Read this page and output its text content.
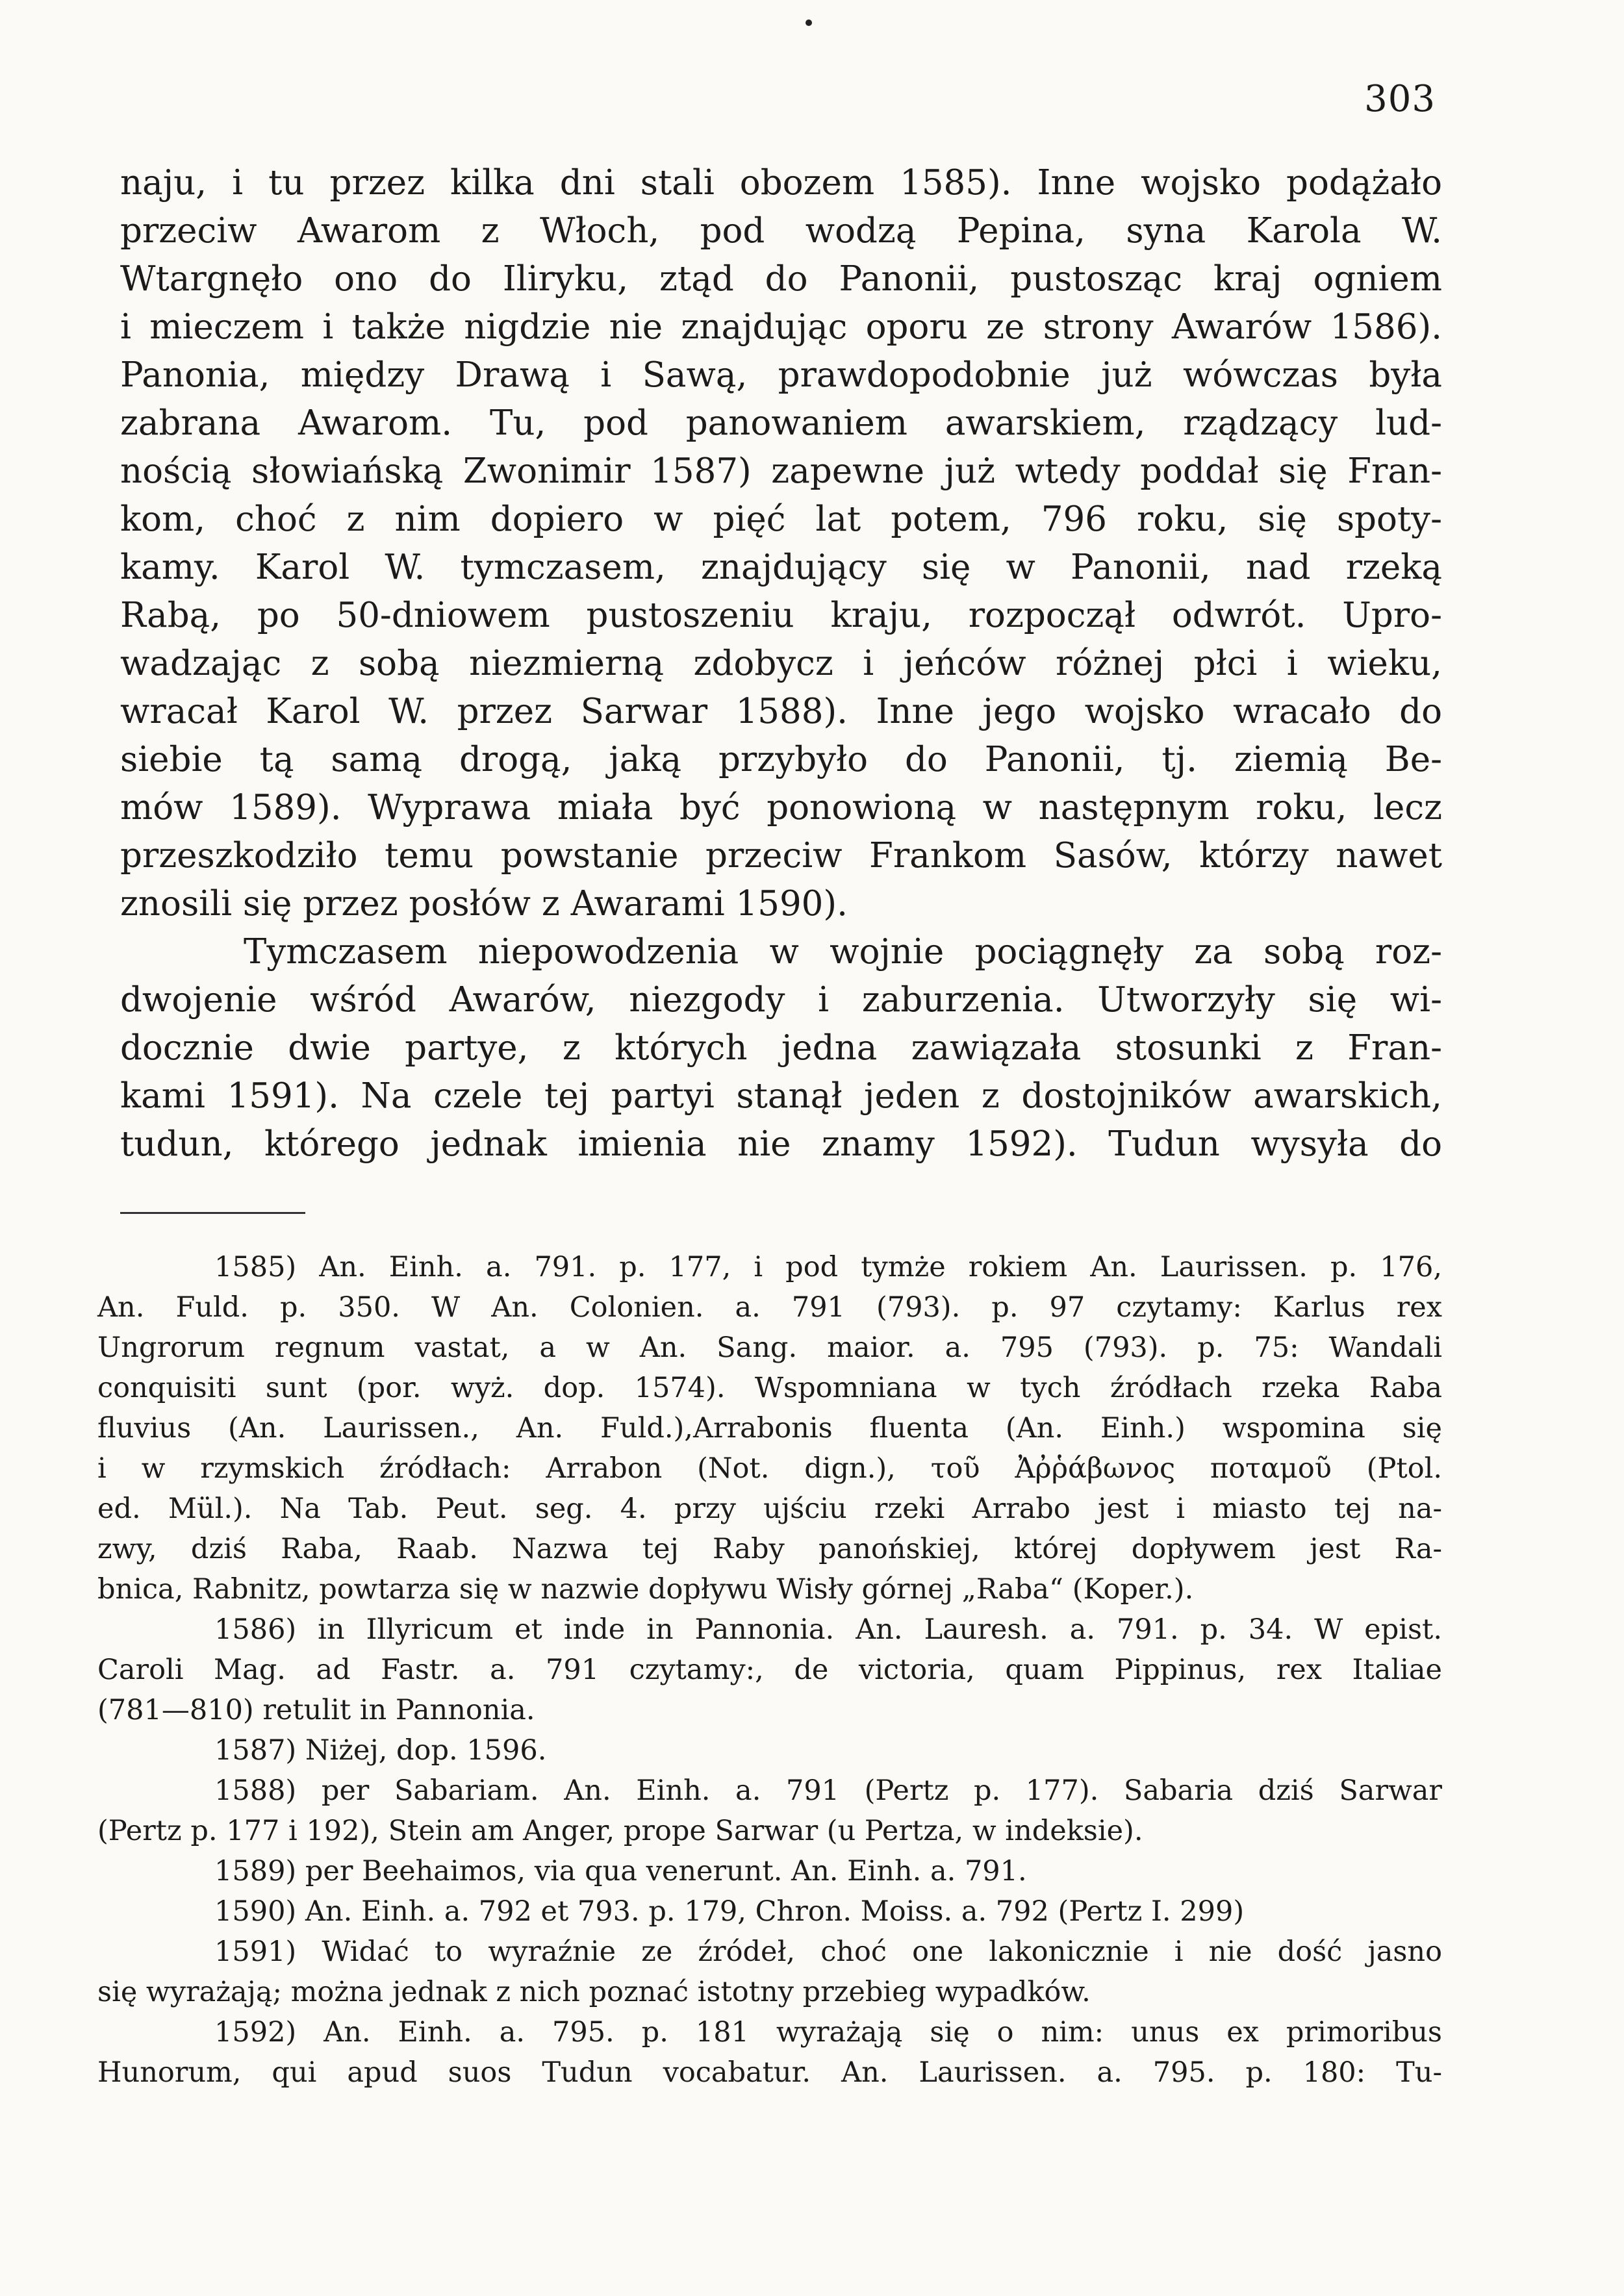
303
naju, i tu przez kilka dni stali obozem 1585). Inne wojsko podążało
przeciw Awarom z Włoch, pod wodzą Pepina, syna Karola W.
Wtargnęło ono do Iliryku, ztąd do Panonii, pustosząc kraj ogniem
i mieczem i także nigdzie nie znajdując oporu ze strony Awarów 1586).
Panonia, między Drawą i Sawą, prawdopodobnie już wówczas była
zabrana Awarom. Tu, pod panowaniem awarskiem, rządzący lud-
nością słowiańską Zwonimir 1587) zapewne już wtedy poddał się Fran-
kom, choć z nim dopiero w pięć lat potem, 796 roku, się spoty-
kamy. Karol W. tymczasem, znajdujący się w Panonii, nad rzeką
Rabą, po 50-dniowem pustoszeniu kraju, rozpoczął odwrót. Upro-
wadzając z sobą niezmierną zdobycz i jeńców różnej płci i wieku,
wracał Karol W. przez Sarwar 1588). Inne jego wojsko wracało do
siebie tą samą drogą, jaką przybyło do Panonii, tj. ziemią Be-
mów 1589). Wyprawa miała być ponowioną w następnym roku, lecz
przeszkodziło temu powstanie przeciw Frankom Sasów, którzy nawet
znosili się przez posłów z Awarami 1590).
Tymczasem niepowodzenia w wojnie pociągnęły za sobą roz-
dwojenie wśród Awarów, niezgody i zaburzenia. Utworzyły się wi-
docznie dwie partye, z których jedna zawiązała stosunki z Fran-
kami 1591). Na czele tej partyi stanął jeden z dostojników awarskich,
tudun, którego jednak imienia nie znamy 1592). Tudun wysyła do
1585) An. Einh. a. 791. p. 177, i pod tymże rokiem An. Laurissen. p. 176,
An. Fuld. p. 350. W An. Colonien. a. 791 (793). p. 97 czytamy: Karlus rex
Ungrorum regnum vastat, a w An. Sang. maior. a. 795 (793). p. 75: Wandali
conquisiti sunt (por. wyż. dop. 1574). Wspomniana w tych źródłach rzeka Raba
fluvius (An. Laurissen., An. Fuld.),Arrabonis fluenta (An. Einh.) wspomina się
i w rzymskich źródłach: Arrabon (Not. dign.), τοῦ Ἀῤῥάβωνος ποταμοῦ (Ptol.
ed. Mül.). Na Tab. Peut. seg. 4. przy ujściu rzeki Arrabo jest i miasto tej na-
zwy, dziś Raba, Raab. Nazwa tej Raby panońskiej, której dopływem jest Ra-
bnica, Rabnitz, powtarza się w nazwie dopływu Wisły górnej „Raba“ (Koper.).
1586) in Illyricum et inde in Pannonia. An. Lauresh. a. 791. p. 34. W epist.
Caroli Mag. ad Fastr. a. 791 czytamy:, de victoria, quam Pippinus, rex Italiae
(781—810) retulit in Pannonia.
1587) Niżej, dop. 1596.
1588) per Sabariam. An. Einh. a. 791 (Pertz p. 177). Sabaria dziś Sarwar
(Pertz p. 177 i 192), Stein am Anger, prope Sarwar (u Pertza, w indeksie).
1589) per Beehaimos, via qua venerunt. An. Einh. a. 791.
1590) An. Einh. a. 792 et 793. p. 179, Chron. Moiss. a. 792 (Pertz I. 299)
1591) Widać to wyraźnie ze źródeł, choć one lakonicznie i nie dość jasno
się wyrażają; można jednak z nich poznać istotny przebieg wypadków.
1592) An. Einh. a. 795. p. 181 wyrażają się o nim: unus ex primoribus
Hunorum, qui apud suos Tudun vocabatur. An. Laurissen. a. 795. p. 180: Tu-
